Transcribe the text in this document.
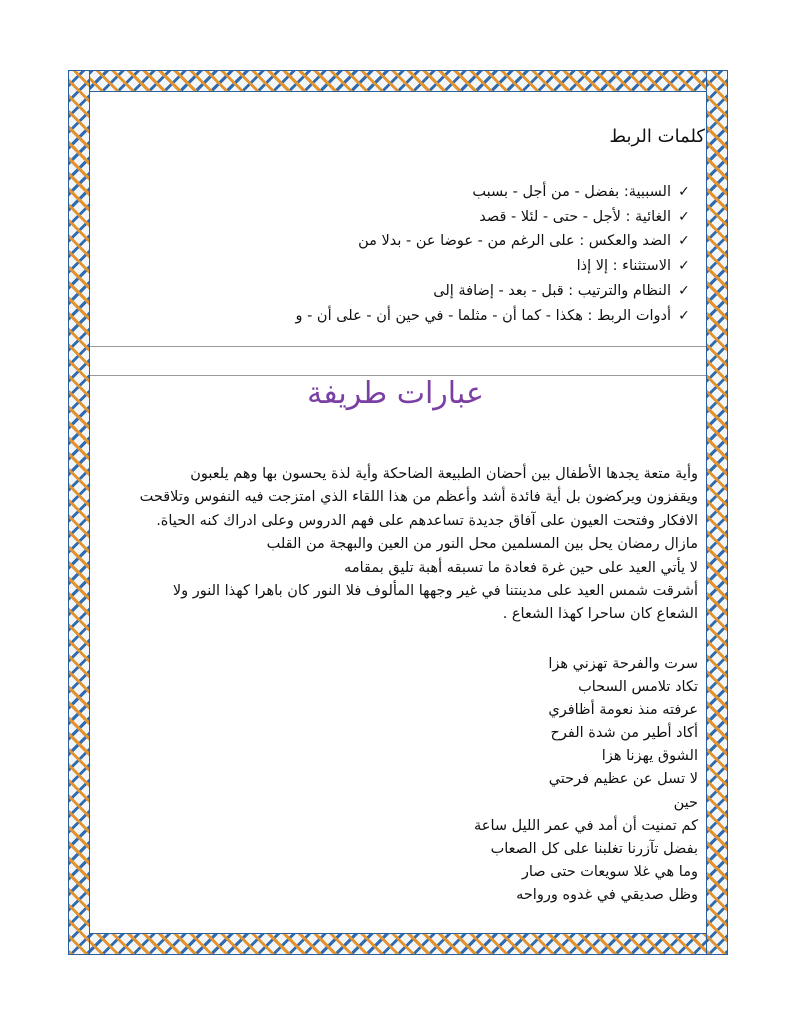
كلمات الربط
✓
السببية: بفضل - من أجل - بسبب
✓
الغائية : لأجل - حتى - لئلا - قصد
✓
الضد والعكس : على الرغم من - عوضا عن - بدلا من
✓
الاستثناء : إلا إذا
✓
النظام والترتيب : قبل - بعد - إضافة إلى
✓
أدوات الربط : هكذا - كما أن - مثلما - في حين أن - على أن - و
عبارات طريفة

وأية متعة يجدها الأطفال بين أحضان الطبيعة الضاحكة وأية لذة يحسون بها وهم يلعبون

ويقفزون ويركضون بل أية فائدة أشد وأعظم من هذا اللقاء الذي امتزجت فيه النفوس وتلاقحت

الافكار وفتحت العيون على آفاق جديدة تساعدهم على فهم الدروس وعلى ادراك كنه الحياة.

مازال رمضان يحل بين المسلمين محل النور من العين والبهجة من القلب

لا يأتي العيد على حين غرة فعادة ما تسبقه أهبة تليق بمقامه

أشرقت شمس العيد على مدينتنا في غير وجهها المألوف فلا النور كان باهرا كهذا النور ولا

الشعاع كان ساحرا كهذا الشعاع .

سرت والفرحة تهزني هزا
تكاد تلامس السحاب
عرفته منذ نعومة أظافري
أكاد أطير من شدة الفرح
الشوق يهزنا هزا
لا تسل عن عظيم فرحتي
حين
كم تمنيت أن أمد في عمر الليل ساعة
بفضل تآزرنا تغلبنا على كل الصعاب
وما هي غلا سويعات حتى صار
وظل صديقي في غدوه ورواحه
